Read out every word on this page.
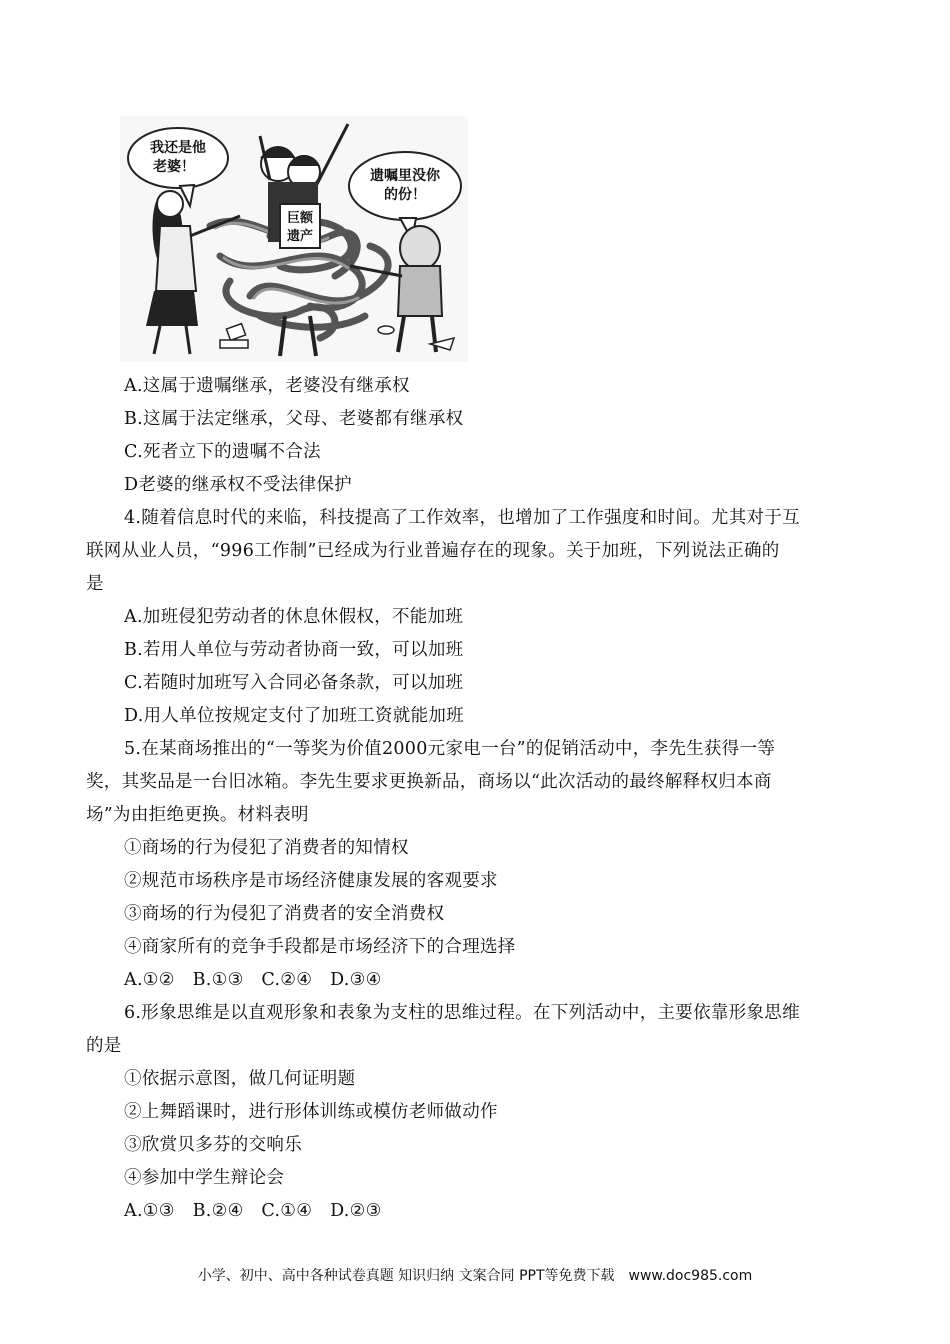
我还是他
老婆！
遗嘱里没你
的份！
巨额
遗产
A.这属于遗嘱继承，老婆没有继承权
B.这属于法定继承，父母、老婆都有继承权
C.死者立下的遗嘱不合法
D老婆的继承权不受法律保护
4.随着信息时代的来临，科技提高了工作效率，也增加了工作强度和时间。尤其对于互
联网从业人员，“996工作制”已经成为行业普遍存在的现象。关于加班，下列说法正确的
是
A.加班侵犯劳动者的休息休假权，不能加班
B.若用人单位与劳动者协商一致，可以加班
C.若随时加班写入合同必备条款，可以加班
D.用人单位按规定支付了加班工资就能加班
5.在某商场推出的“一等奖为价值2000元家电一台”的促销活动中，李先生获得一等
奖，其奖品是一台旧冰箱。李先生要求更换新品，商场以“此次活动的最终解释权归本商
场”为由拒绝更换。材料表明
①商场的行为侵犯了消费者的知情权
②规范市场秩序是市场经济健康发展的客观要求
③商场的行为侵犯了消费者的安全消费权
④商家所有的竞争手段都是市场经济下的合理选择
A.①②　B.①③　C.②④　D.③④
6.形象思维是以直观形象和表象为支柱的思维过程。在下列活动中，主要依靠形象思维
的是
①依据示意图，做几何证明题
②上舞蹈课时，进行形体训练或模仿老师做动作
③欣赏贝多芬的交响乐
④参加中学生辩论会
A.①③　B.②④　C.①④　D.②③
小学、初中、高中各种试卷真题 知识归纳 文案合同 PPT等免费下载 www.doc985.com
